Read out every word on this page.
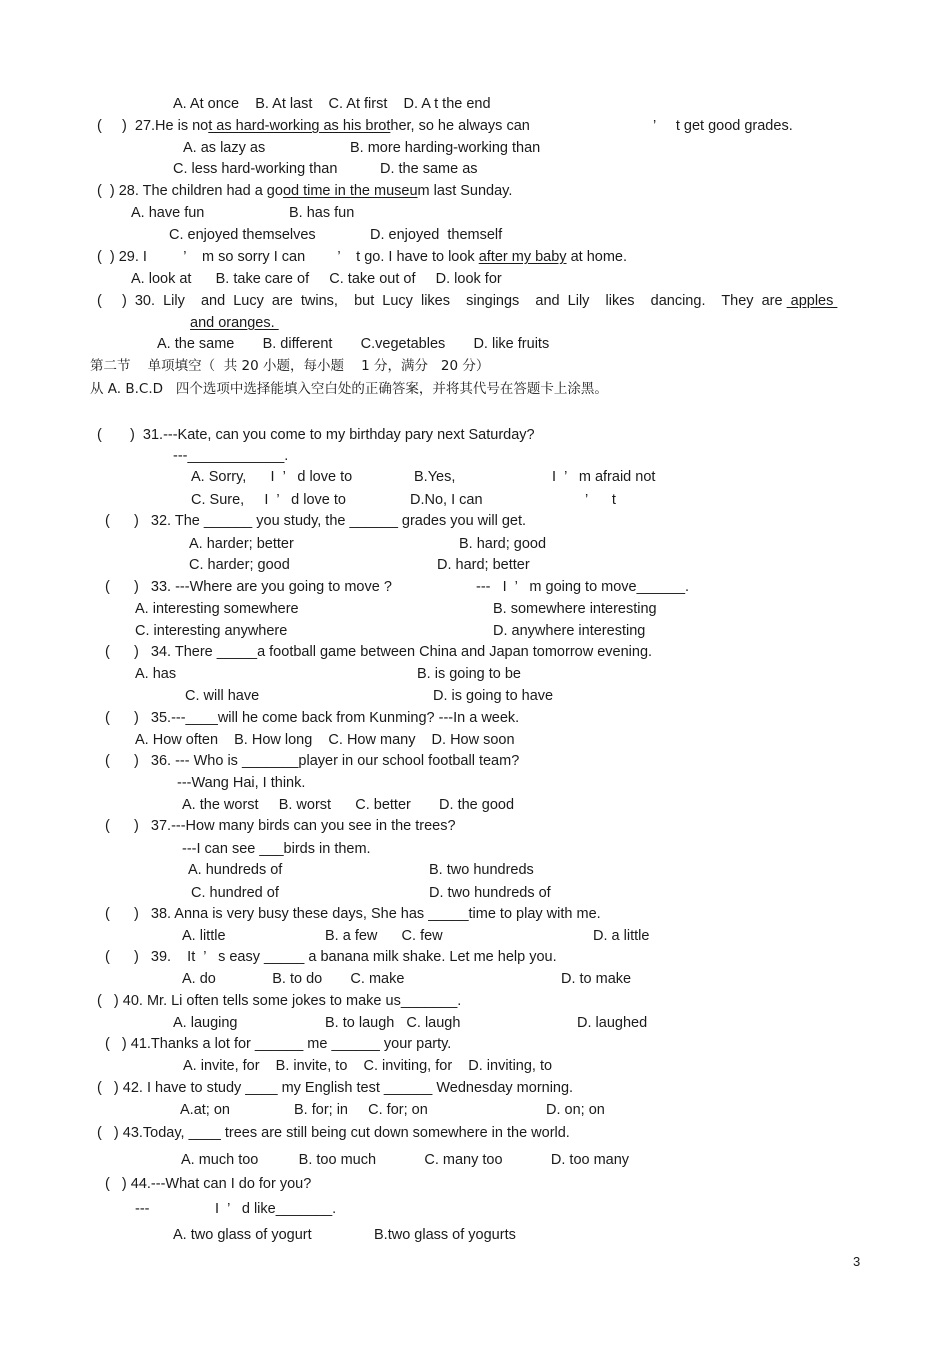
A. At once    B. At last    C. At first    D. A t the end
(     ) 27.He is not as hard-working as his brother, so he always can	’     t get good grades.
A. as lazy as	B. more harding-working than
C. less hard-working than	D. the same as
(  ) 28. The children had a good time in the museum last Sunday.
A. have fun	B. has fun
C. enjoyed themselves	D. enjoyed  themself
(  ) 29. I         ’    m so sorry I can        ’    t go. I have to look after my baby at home.
A. look at      B. take care of     C. take out of     D. look for
(     )  30.  Lily    and  Lucy  are  twins,    but  Lucy  likes    singings    and  Lily    likes    dancing.    They  are  apples
and oranges.
A. the same       B. different       C.vegetables       D. like fruits
第二节    单项填空（  共 20 小题，每小题    1 分，满分   20 分）
从 A. B.C.D   四个选项中选择能填入空白处的正确答案，并将其代号在答题卡上涂黑。
(       )  31.---Kate, can you come to my birthday pary next Saturday?
---____________.
A. Sorry,      I  ’   d love to	B.Yes,	I  ’   m afraid not
C. Sure,     I  ’   d love to	D.No, I can	’      t
(      )   32. The ______ you study, the ______ grades you will get.
A. harder; better	B. hard; good
C. harder; good	D. hard; better
(      )   33. ---Where are you going to move ?	---   I  ’   m going to move______.
A. interesting somewhere	B. somewhere interesting
C. interesting anywhere	D. anywhere interesting
(      )   34. There _____a football game between China and Japan tomorrow evening.
A. has	B. is going to be
C. will have	D. is going to have
(      )   35.---____will he come back from Kunming? ---In a week.
A. How often    B. How long    C. How many    D. How soon
(      )   36. --- Who is _______player in our school football team?
---Wang Hai, I think.
A. the worst     B. worst      C. better       D. the good
(      )   37.---How many birds can you see in the trees?
---I can see ___birds in them.
A. hundreds of	B. two hundreds
C. hundred of	D. two hundreds of
(      )   38. Anna is very busy these days, She has _____time to play with me.
A. little	B. a few      C. few	D. a little
(      )   39.    It  ’   s easy _____ a banana milk shake. Let me help you.
A. do              B. to do       C. make	D. to make
(   ) 40. Mr. Li often tells some jokes to make us_______.
A. lauging	B. to laugh   C. laugh	D. laughed
(   ) 41.Thanks a lot for ______ me ______ your party.
A. invite, for    B. invite, to    C. inviting, for    D. inviting, to
(   ) 42. I have to study ____ my English test ______ Wednesday morning.
A.at; on	B. for; in     C. for; on	D. on; on
(   ) 43.Today, ____ trees are still being cut down somewhere in the world.
A. much too          B. too much            C. many too            D. too many
(   ) 44.---What can I do for you?
---	I  ’   d like_______.
A. two glass of yogurt	B.two glass of yogurts
3
